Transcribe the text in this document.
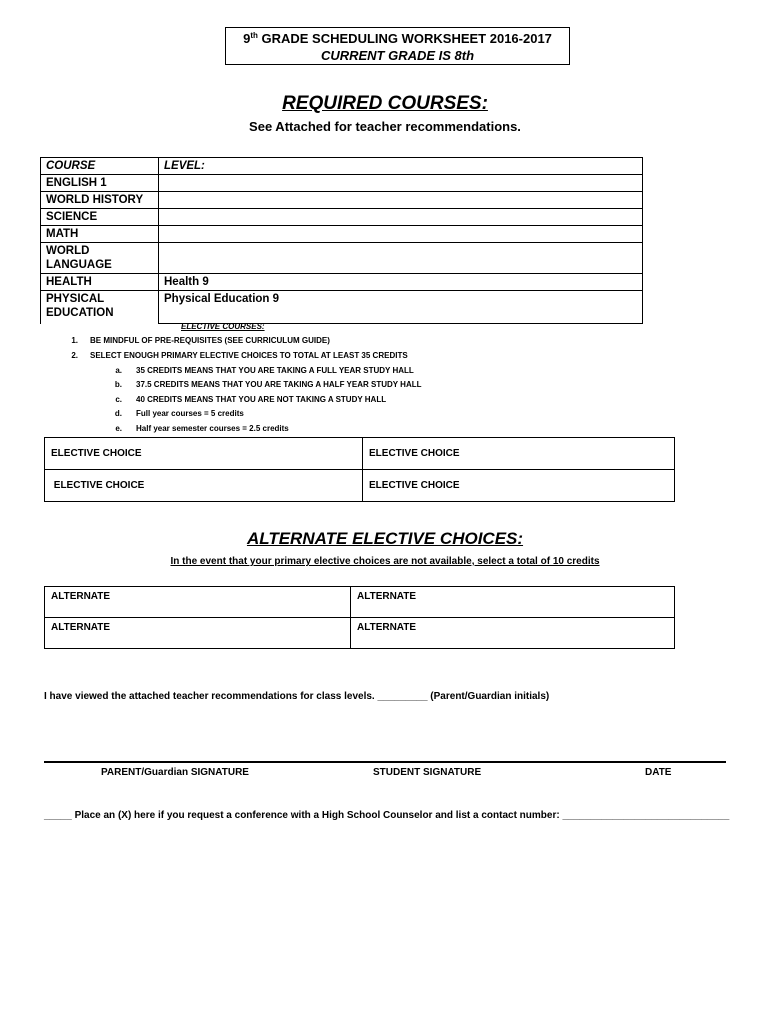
9th GRADE SCHEDULING WORKSHEET 2016-2017
CURRENT GRADE IS 8th
REQUIRED COURSES:
See Attached for teacher recommendations.
COURSE	LEVEL:
ENGLISH 1	
WORLD HISTORY	
SCIENCE	
MATH	
WORLD LANGUAGE	
HEALTH	Health 9

PHYSICAL
EDUCATION	Physical Education 9
ELECTIVE COURSES:
1. BE MINDFUL OF PRE-REQUISITES (SEE CURRICULUM GUIDE)
2. SELECT ENOUGH PRIMARY ELECTIVE CHOICES TO TOTAL AT LEAST 35 CREDITS
a. 35 CREDITS MEANS THAT YOU ARE TAKING A FULL YEAR STUDY HALL
b. 37.5 CREDITS MEANS THAT YOU ARE TAKING A HALF YEAR STUDY HALL
c. 40 CREDITS MEANS THAT YOU ARE NOT TAKING A STUDY HALL
d. Full year courses = 5 credits
e. Half year semester courses = 2.5 credits
ELECTIVE CHOICE	ELECTIVE CHOICE
ELECTIVE CHOICE	ELECTIVE CHOICE
ALTERNATE ELECTIVE CHOICES:
In the event that your primary elective choices are not available, select a total of 10 credits
ALTERNATE	ALTERNATE
ALTERNATE	ALTERNATE
I have viewed the attached teacher recommendations for class levels. _________ (Parent/Guardian initials)
PARENT/Guardian SIGNATURE	STUDENT SIGNATURE	DATE
_____ Place an (X) here if you request a conference with a High School Counselor and list a contact number: ______________________________
